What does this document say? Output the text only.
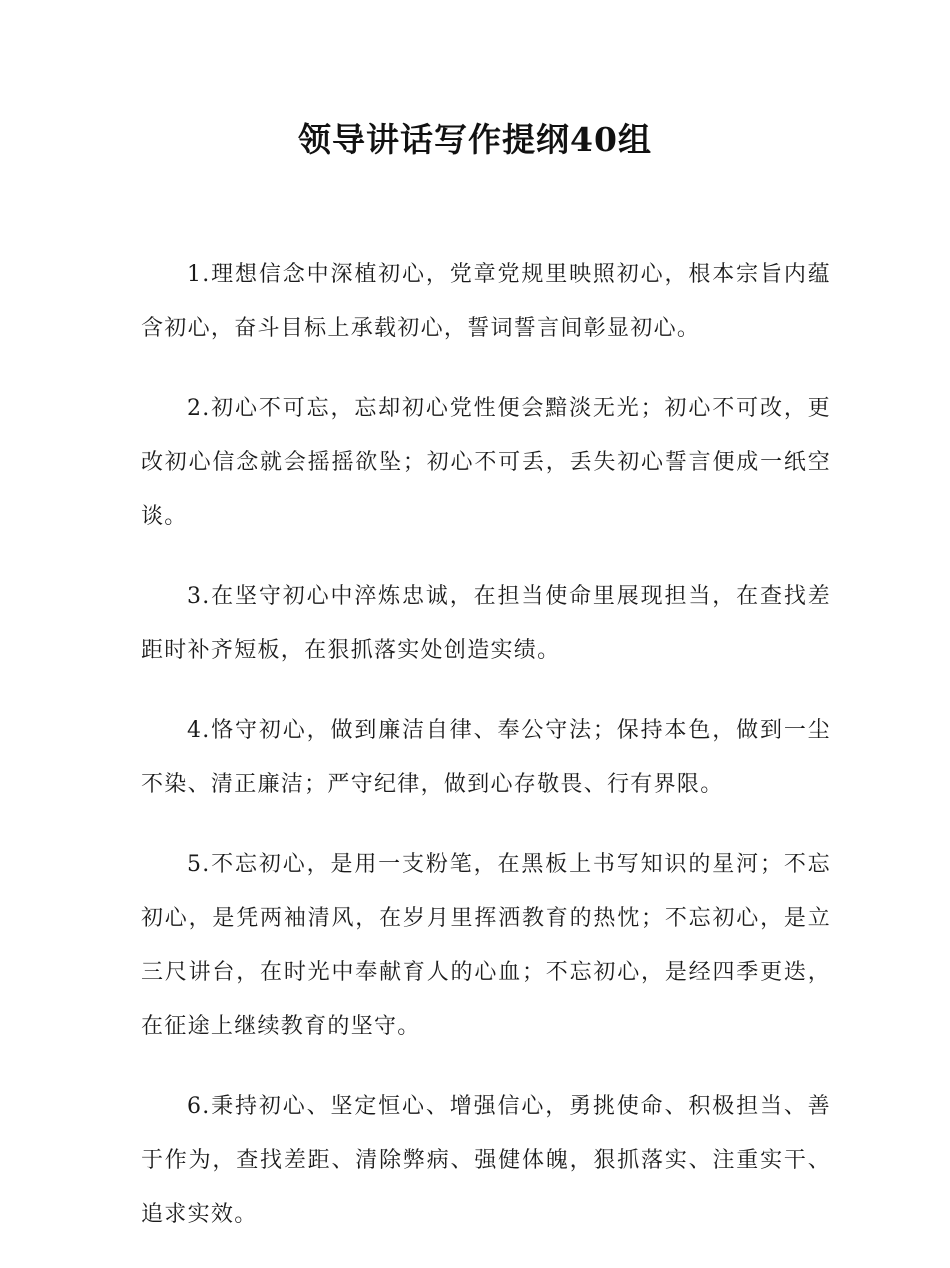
领导讲话写作提纲40组

1.理想信念中深植初心，党章党规里映照初心，根本宗旨内蕴含初心，奋斗目标上承载初心，誓词誓言间彰显初心。

2.初心不可忘，忘却初心党性便会黯淡无光；初心不可改，更改初心信念就会摇摇欲坠；初心不可丢，丢失初心誓言便成一纸空谈。

3.在坚守初心中淬炼忠诚，在担当使命里展现担当，在查找差距时补齐短板，在狠抓落实处创造实绩。

4.恪守初心，做到廉洁自律、奉公守法；保持本色，做到一尘不染、清正廉洁；严守纪律，做到心存敬畏、行有界限。

5.不忘初心，是用一支粉笔，在黑板上书写知识的星河；不忘初心，是凭两袖清风，在岁月里挥洒教育的热忱；不忘初心，是立三尺讲台，在时光中奉献育人的心血；不忘初心，是经四季更迭，在征途上继续教育的坚守。

6.秉持初心、坚定恒心、增强信心，勇挑使命、积极担当、善于作为，查找差距、清除弊病、强健体魄，狠抓落实、注重实干、追求实效。
